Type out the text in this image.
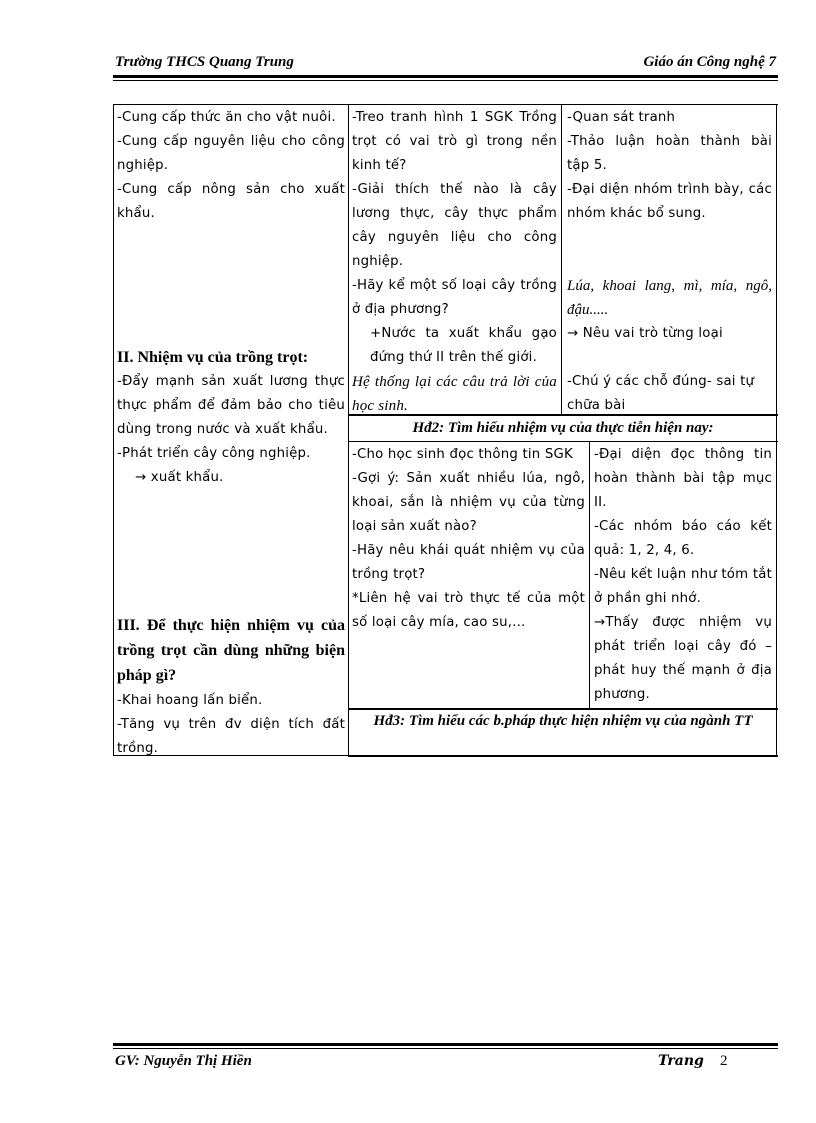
Trường THCS Quang Trung	Giáo án Công nghệ 7

-Cung cấp thức ăn cho vật nuôi.

-Cung cấp nguyên liệu cho công nghiệp.

-Cung cấp nông sản cho xuất khẩu.

II. Nhiệm vụ của trồng trọt:

-Đẩy mạnh sản xuất lương thực thực phẩm để đảm bảo cho tiêu dùng trong nước và xuất khẩu.

-Phát triển cây công nghiệp.

→ xuất khẩu.

III. Để thực hiện nhiệm vụ của trồng trọt cần dùng những biện pháp gì?

-Khai hoang lấn biển.

-Tăng vụ trên đv diện tích đất trồng.

-Treo tranh hình 1 SGK Trồng trọt có vai trò gì trong nền kinh tế?

-Giải thích thế nào là cây lương thực, cây thực phẩm cây nguyên liệu cho công nghiệp.

-Hãy kể một số loại cây trồng ở địa phương?

+Nước ta xuất khẩu gạo đứng thứ II trên thế giới.

Hệ thống lại các câu trả lời của học sinh.

-Quan sát tranh

-Thảo luận hoàn thành bài tập 5.

-Đại diện nhóm trình bày, các nhóm khác bổ sung.

Lúa, khoai lang, mì, mía, ngô, đậu.....

→ Nêu vai trò từng loại

-Chú ý các chỗ đúng- sai tự chữa bài

Hđ2: Tìm hiểu nhiệm vụ của thực tiễn hiện nay:

-Cho học sinh đọc thông tin SGK

-Gợi ý: Sản xuất nhiều lúa, ngô, khoai, sắn là nhiệm vụ của từng loại sản xuất nào?

-Hãy nêu khái quát nhiệm vụ của trồng trọt?

*Liên hệ vai trò thực tế của một số loại cây mía, cao su,...

-Đại diện đọc thông tin hoàn thành bài tập mục II.

-Các nhóm báo cáo kết quả: 1, 2, 4, 6.

-Nêu kết luận như tóm tắt ở phần ghi nhớ.

→Thấy được nhiệm vụ phát triển loại cây đó – phát huy thế mạnh ở địa phương.

Hđ3: Tìm hiểu các b.pháp thực hiện nhiệm vụ của ngành TT
GV: Nguyễn Thị Hiền	Trang 2
